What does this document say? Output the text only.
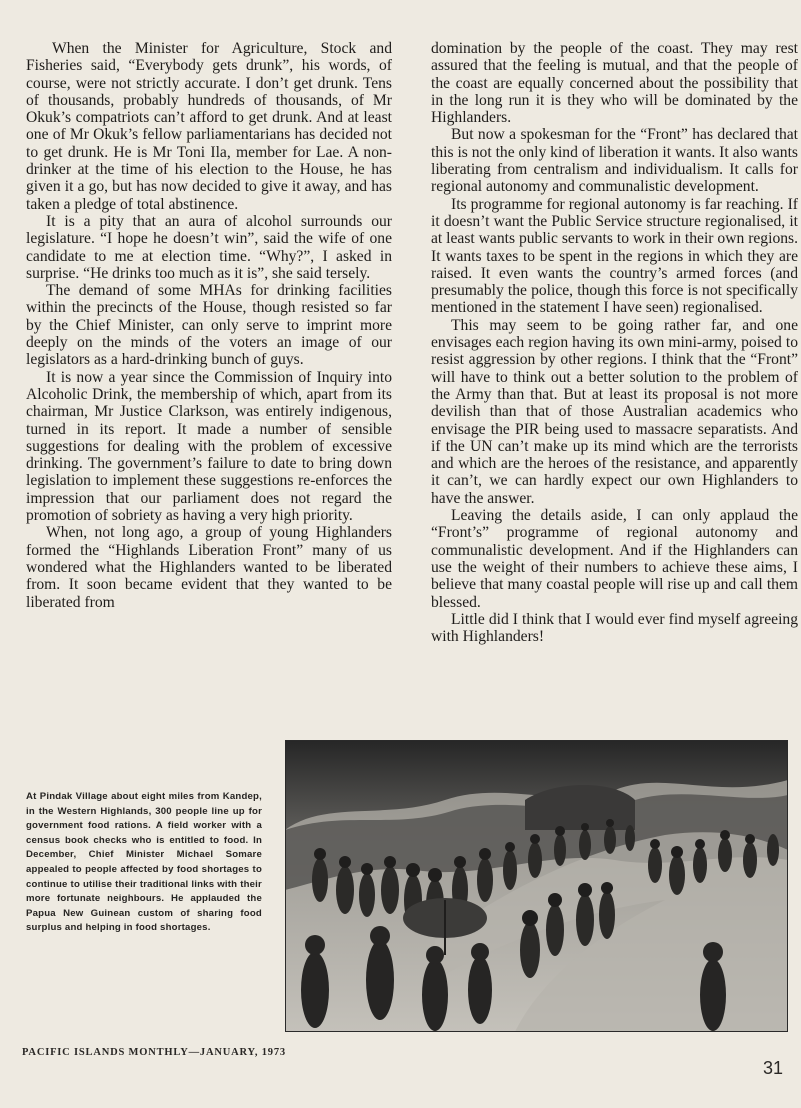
When the Minister for Agriculture, Stock and Fisheries said, “Everybody gets drunk”, his words, of course, were not strictly accurate. I don’t get drunk. Tens of thousands, probably hundreds of thousands, of Mr Okuk’s compatriots can’t afford to get drunk. And at least one of Mr Okuk’s fellow parliamentarians has decided not to get drunk. He is Mr Toni Ila, member for Lae. A non-drinker at the time of his election to the House, he has given it a go, but has now decided to give it away, and has taken a pledge of total abstinence.

It is a pity that an aura of alcohol surrounds our legislature. “I hope he doesn’t win”, said the wife of one candidate to me at election time. “Why?”, I asked in surprise. “He drinks too much as it is”, she said tersely.

The demand of some MHAs for drinking facilities within the precincts of the House, though resisted so far by the Chief Minister, can only serve to imprint more deeply on the minds of the voters an image of our legislators as a hard-drinking bunch of guys.

It is now a year since the Commission of Inquiry into Alcoholic Drink, the membership of which, apart from its chairman, Mr Justice Clarkson, was entirely indigenous, turned in its report. It made a number of sensible suggestions for dealing with the problem of excessive drinking. The government’s failure to date to bring down legislation to implement these suggestions re-enforces the impression that our parliament does not regard the promotion of sobriety as having a very high priority.

When, not long ago, a group of young Highlanders formed the “Highlands Liberation Front” many of us wondered what the Highlanders wanted to be liberated from. It soon became evident that they wanted to be liberated from

domination by the people of the coast. They may rest assured that the feeling is mutual, and that the people of the coast are equally concerned about the possibility that in the long run it is they who will be dominated by the Highlanders.

But now a spokesman for the “Front” has declared that this is not the only kind of liberation it wants. It also wants liberating from centralism and individualism. It calls for regional autonomy and communalistic development.

Its programme for regional autonomy is far reaching. If it doesn’t want the Public Service structure regionalised, it at least wants public servants to work in their own regions. It wants taxes to be spent in the regions in which they are raised. It even wants the country’s armed forces (and presumably the police, though this force is not specifically mentioned in the statement I have seen) regionalised.

This may seem to be going rather far, and one envisages each region having its own mini-army, poised to resist aggression by other regions. I think that the “Front” will have to think out a better solution to the problem of the Army than that. But at least its proposal is not more devilish than that of those Australian academics who envisage the PIR being used to massacre separatists. And if the UN can’t make up its mind which are the terrorists and which are the heroes of the resistance, and apparently it can’t, we can hardly expect our own Highlanders to have the answer.

Leaving the details aside, I can only applaud the “Front’s” programme of regional autonomy and communalistic development. And if the Highlanders can use the weight of their numbers to achieve these aims, I believe that many coastal people will rise up and call them blessed.

Little did I think that I would ever find myself agreeing with Highlanders!

At Pindak Village about eight miles from Kandep, in the Western Highlands, 300 people line up for government food rations. A field worker with a census book checks who is entitled to food. In December, Chief Minister Michael Somare appealed to people affected by food shortages to continue to utilise their traditional links with their more fortunate neighbours. He applauded the Papua New Guinean custom of sharing food surplus and helping in food shortages.
PACIFIC ISLANDS MONTHLY—JANUARY, 1973
31
